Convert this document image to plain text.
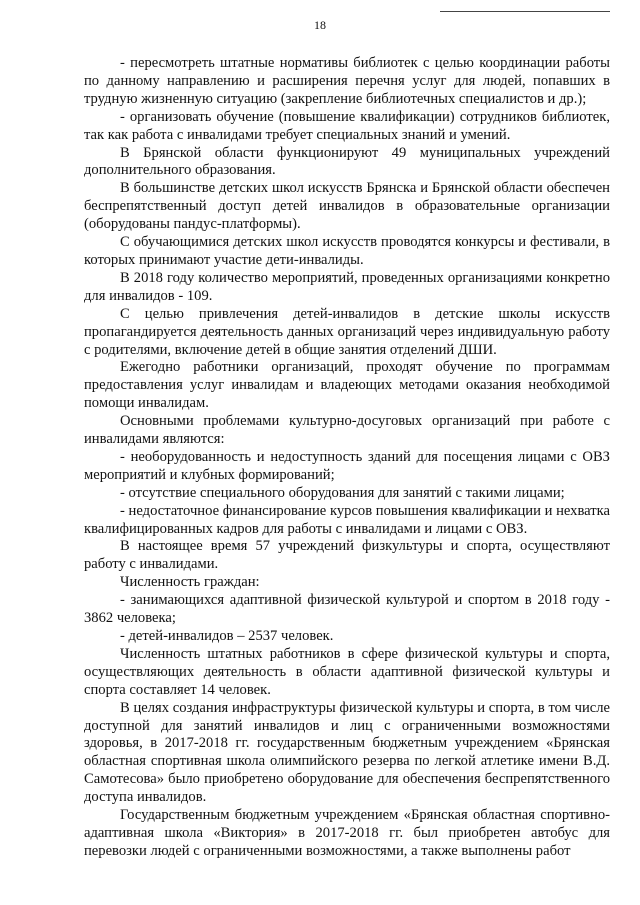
18

- пересмотреть штатные нормативы библиотек с целью координации работы по данному направлению и расширения перечня услуг для людей, попавших в трудную жизненную ситуацию (закрепление библиотечных специалистов и др.);

- организовать обучение (повышение квалификации) сотрудников библиотек, так как работа с инвалидами требует специальных знаний и умений.

В Брянской области функционируют 49 муниципальных учреждений дополнительного образования.

В большинстве детских школ искусств Брянска и Брянской области обеспечен беспрепятственный доступ детей инвалидов в образовательные организации (оборудованы пандус-платформы).

С обучающимися детских школ искусств проводятся конкурсы и фестивали, в которых принимают участие дети-инвалиды.

В 2018 году количество мероприятий, проведенных организациями конкретно для инвалидов - 109.

С целью привлечения детей-инвалидов в детские школы искусств пропагандируется деятельность данных организаций через индивидуальную работу с родителями, включение детей в общие занятия отделений ДШИ.

Ежегодно работники организаций, проходят обучение по программам предоставления услуг инвалидам и владеющих методами оказания необходимой помощи инвалидам.

Основными проблемами культурно-досуговых организаций при работе с инвалидами являются:

- необорудованность и недоступность зданий для посещения лицами с ОВЗ мероприятий и клубных формирований;

- отсутствие специального оборудования для занятий с такими лицами;

- недостаточное финансирование курсов повышения квалификации и нехватка квалифицированных кадров для работы с инвалидами и лицами с ОВЗ.

В настоящее время 57 учреждений физкультуры и спорта, осуществляют работу с инвалидами.

Численность граждан:

- занимающихся адаптивной физической культурой и спортом в 2018 году - 3862 человека;

- детей-инвалидов – 2537 человек.

Численность штатных работников в сфере физической культуры и спорта, осуществляющих деятельность в области адаптивной физической культуры и спорта составляет 14 человек.

В целях создания инфраструктуры физической культуры и спорта, в том числе доступной для занятий инвалидов и лиц с ограниченными возможностями здоровья, в 2017-2018 гг. государственным бюджетным учреждением «Брянская областная спортивная школа олимпийского резерва по легкой атлетике имени В.Д. Самотесова» было приобретено оборудование для обеспечения беспрепятственного доступа инвалидов.

Государственным бюджетным учреждением «Брянская областная спортивно-адаптивная школа «Виктория» в 2017-2018 гг. был приобретен автобус для перевозки людей с ограниченными возможностями, а также выполнены работ
